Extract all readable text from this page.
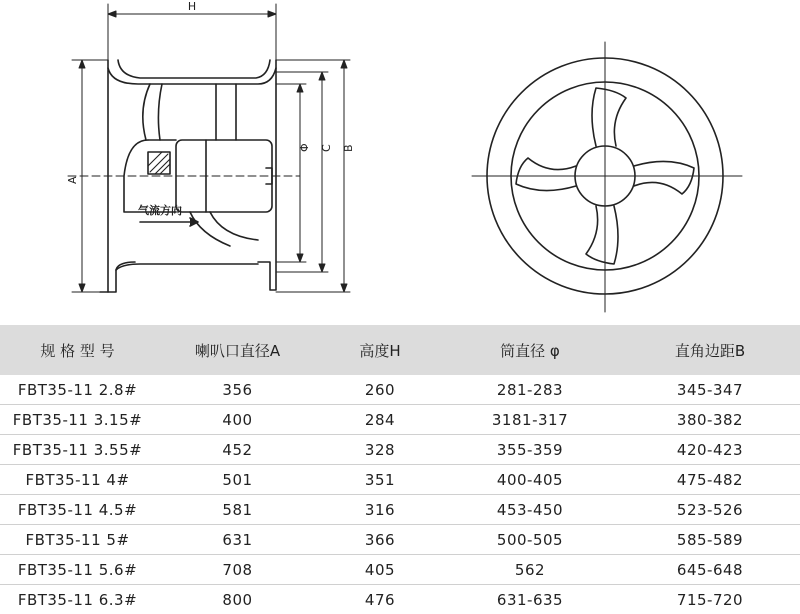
H
A
Φ C B
气流方向
规 格 型 号	喇叭口直径A	高度H	筒直径 φ	直角边距B
FBT35-11 2.8#	356	260	281-283	345-347
FBT35-11 3.15#	400	284	3181-317	380-382
FBT35-11 3.55#	452	328	355-359	420-423
FBT35-11 4#	501	351	400-405	475-482
FBT35-11 4.5#	581	316	453-450	523-526
FBT35-11 5#	631	366	500-505	585-589
FBT35-11 5.6#	708	405	562	645-648
FBT35-11 6.3#	800	476	631-635	715-720
